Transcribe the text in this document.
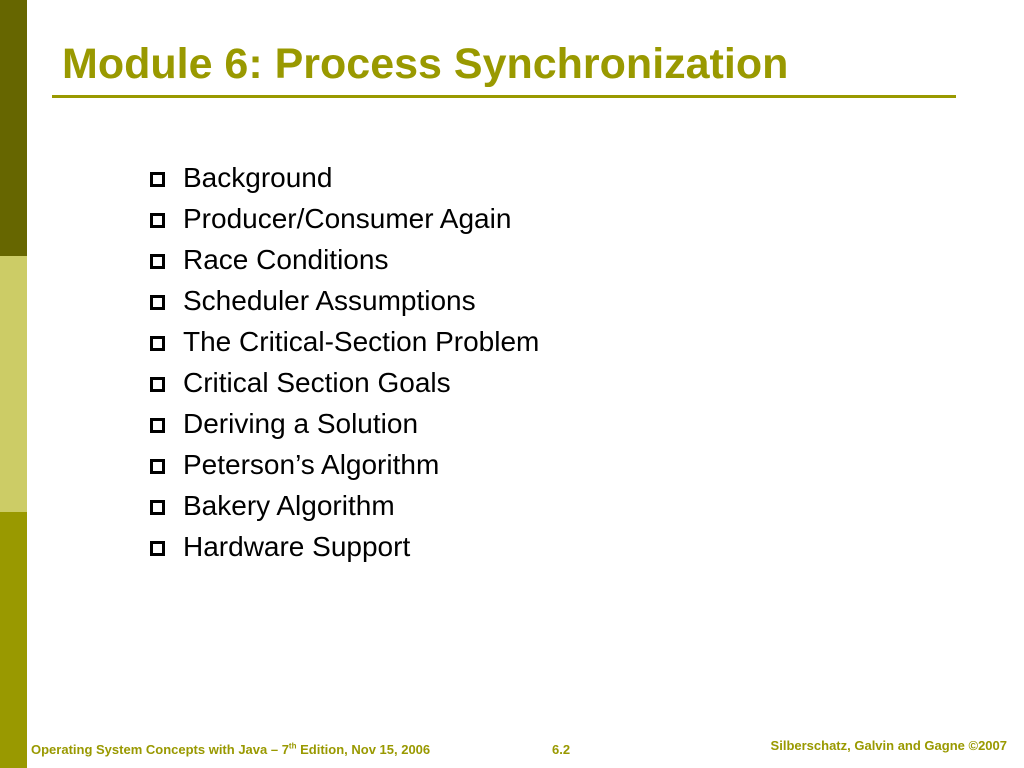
Module 6: Process Synchronization
Background
Producer/Consumer Again
Race Conditions
Scheduler Assumptions
The Critical-Section Problem
Critical Section Goals
Deriving a Solution
Peterson’s Algorithm
Bakery Algorithm
Hardware Support
Operating System Concepts with Java – 7th Edition, Nov 15, 2006	6.2	Silberschatz, Galvin and Gagne ©2007
